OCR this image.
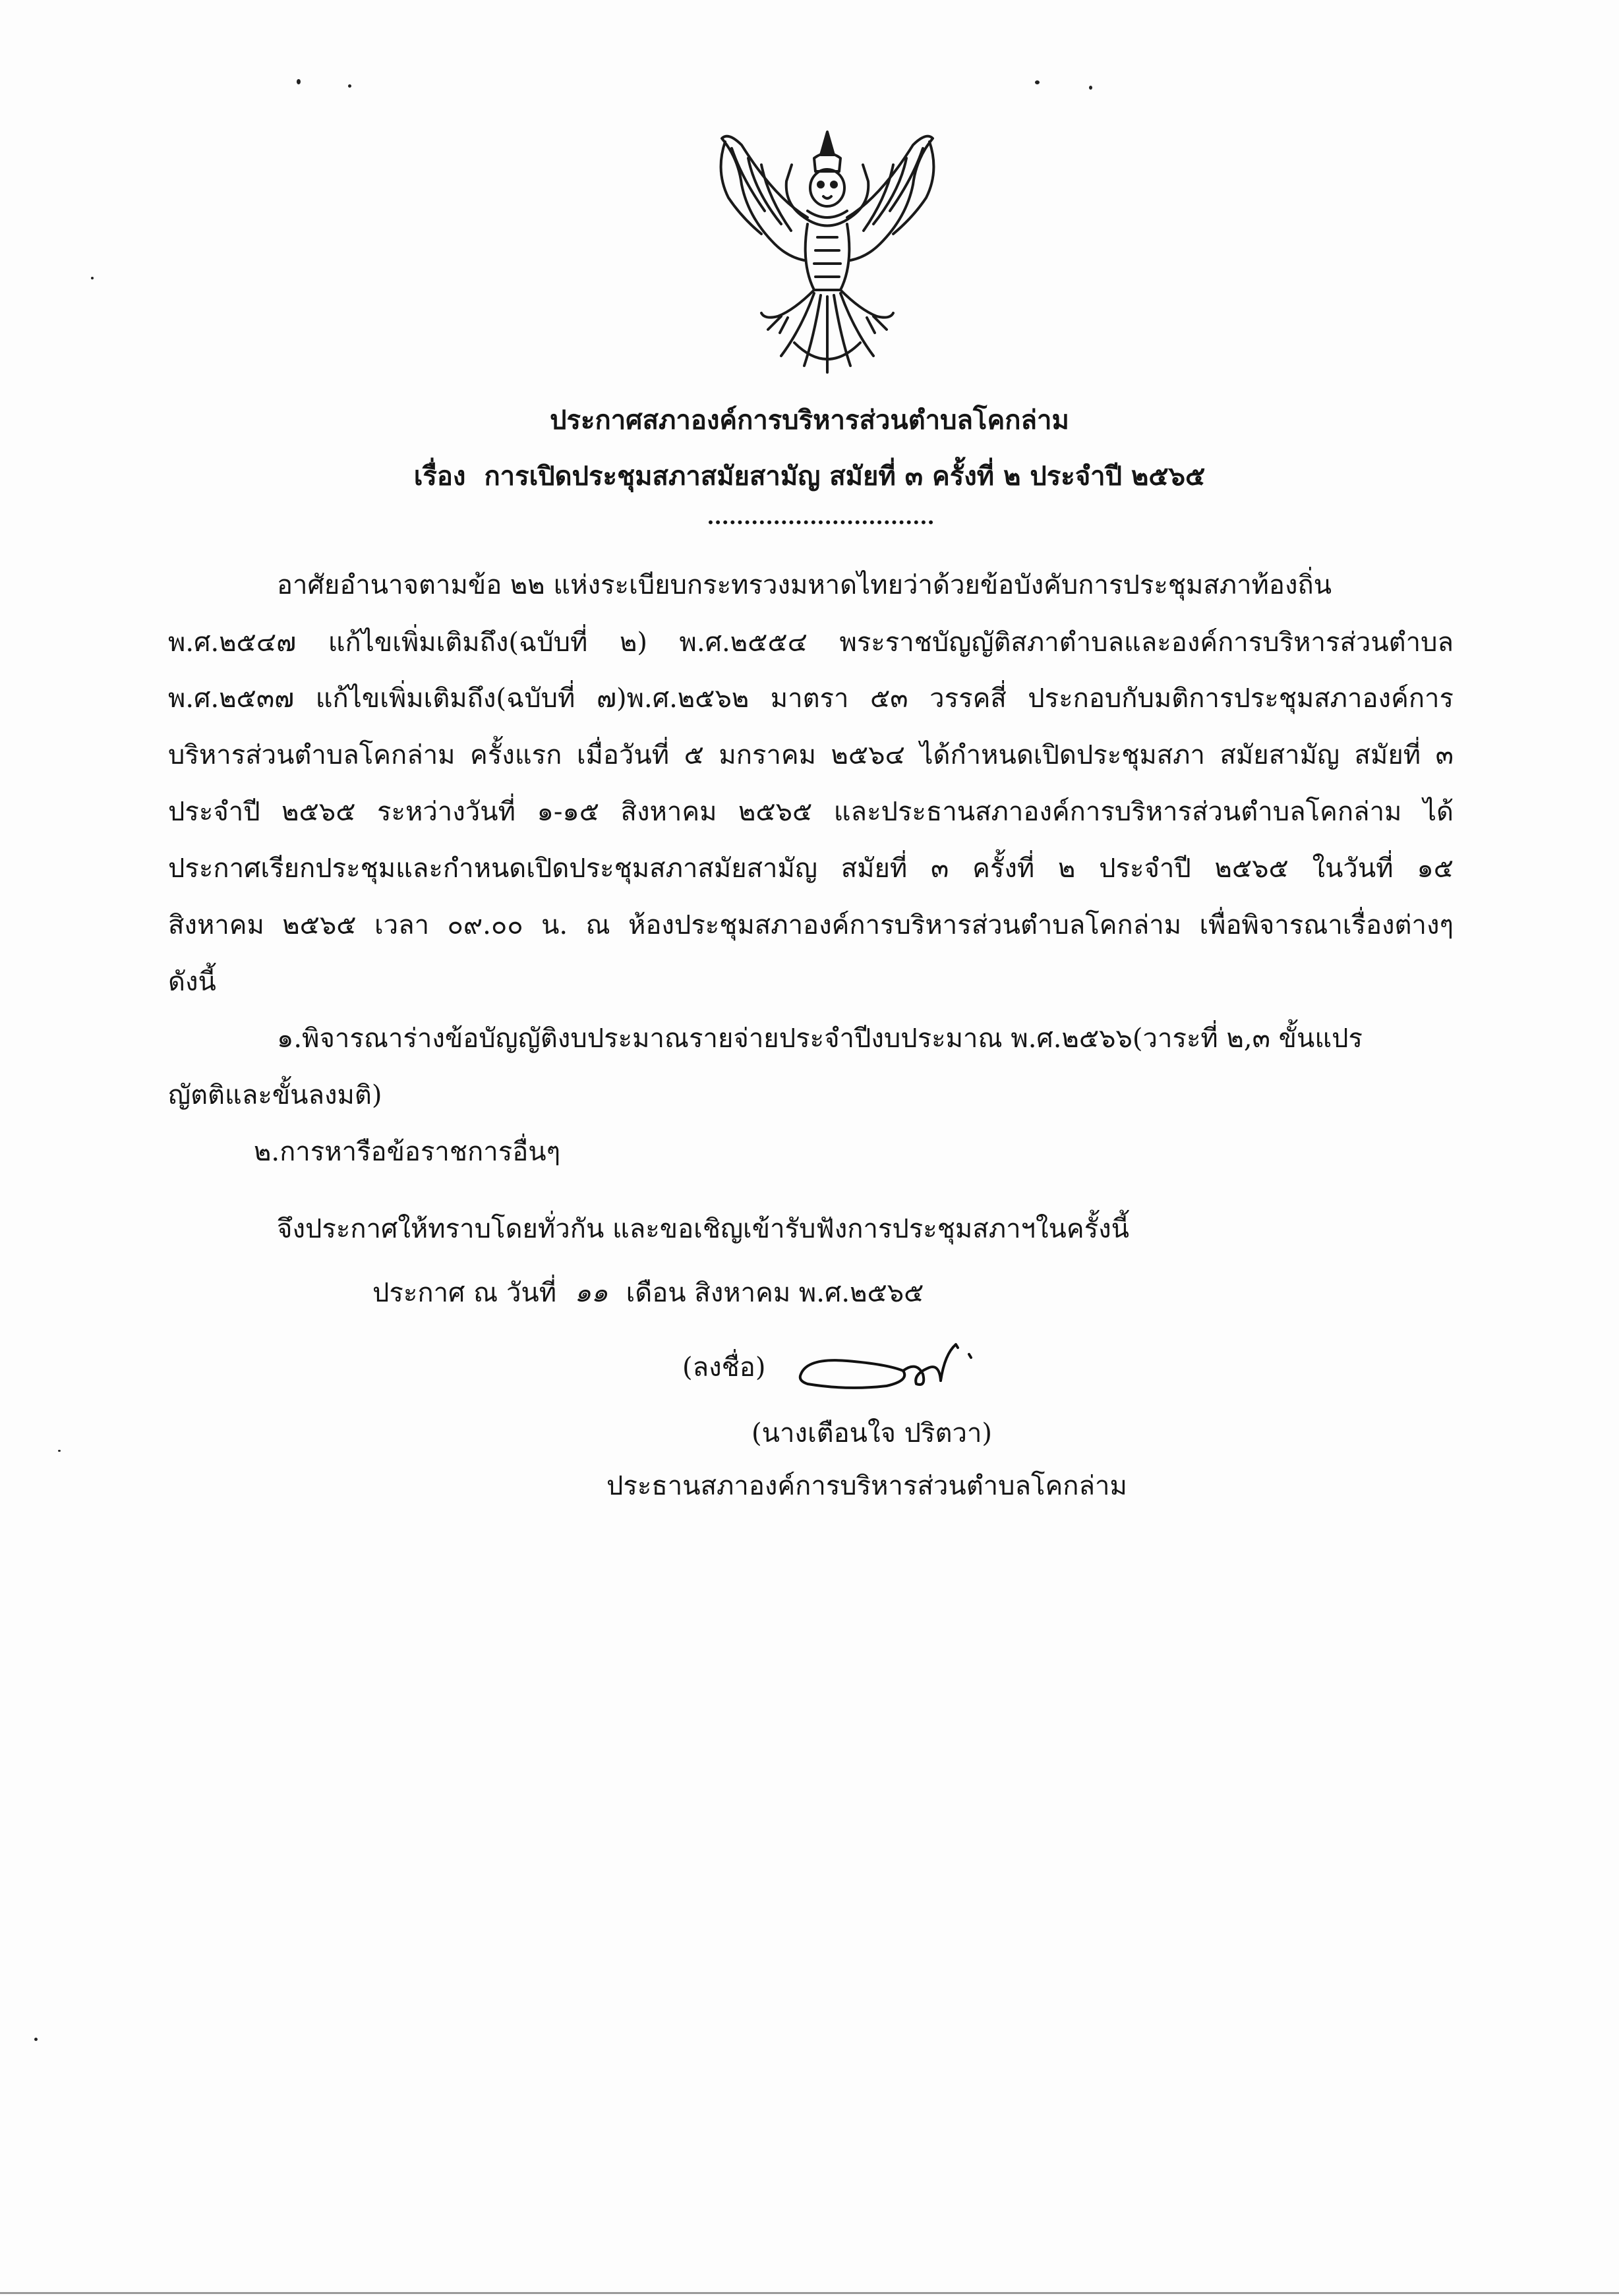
ประกาศสภาองค์การบริหารส่วนตำบลโคกล่าม
เรื่อง การเปิดประชุมสภาสมัยสามัญ สมัยที่ ๓ ครั้งที่ ๒ ประจำปี ๒๕๖๕
...............................
อาศัยอำนาจตามข้อ ๒๒ แห่งระเบียบกระทรวงมหาดไทยว่าด้วยข้อบังคับการประชุมสภาท้องถิ่น
พ.ศ.๒๕๔๗ แก้ไขเพิ่มเติมถึง(ฉบับที่ ๒) พ.ศ.๒๕๕๔ พระราชบัญญัติสภาตำบลและองค์การบริหารส่วนตำบล
พ.ศ.๒๕๓๗ แก้ไขเพิ่มเติมถึง(ฉบับที่ ๗)พ.ศ.๒๕๖๒ มาตรา ๕๓ วรรคสี่ ประกอบกับมติการประชุมสภาองค์การ
บริหารส่วนตำบลโคกล่าม ครั้งแรก เมื่อวันที่ ๕ มกราคม ๒๕๖๔ ได้กำหนดเปิดประชุมสภา สมัยสามัญ สมัยที่ ๓
ประจำปี ๒๕๖๕ ระหว่างวันที่ ๑-๑๕ สิงหาคม ๒๕๖๕ และประธานสภาองค์การบริหารส่วนตำบลโคกล่าม ได้
ประกาศเรียกประชุมและกำหนดเปิดประชุมสภาสมัยสามัญ สมัยที่ ๓ ครั้งที่ ๒ ประจำปี ๒๕๖๕ ในวันที่ ๑๕
สิงหาคม ๒๕๖๕ เวลา ๐๙.๐๐ น. ณ ห้องประชุมสภาองค์การบริหารส่วนตำบลโคกล่าม เพื่อพิจารณาเรื่องต่างๆ
ดังนี้
๑.พิจารณาร่างข้อบัญญัติงบประมาณรายจ่ายประจำปีงบประมาณ พ.ศ.๒๕๖๖(วาระที่ ๒,๓ ขั้นแปร
ญัตติและขั้นลงมติ)
๒.การหารือข้อราชการอื่นๆ
จึงประกาศให้ทราบโดยทั่วกัน และขอเชิญเข้ารับฟังการประชุมสภาฯในครั้งนี้
ประกาศ ณ วันที่ ๑๑ เดือน สิงหาคม พ.ศ.๒๕๖๕
(ลงชื่อ)
(นางเตือนใจ ปริตวา)
ประธานสภาองค์การบริหารส่วนตำบลโคกล่าม
